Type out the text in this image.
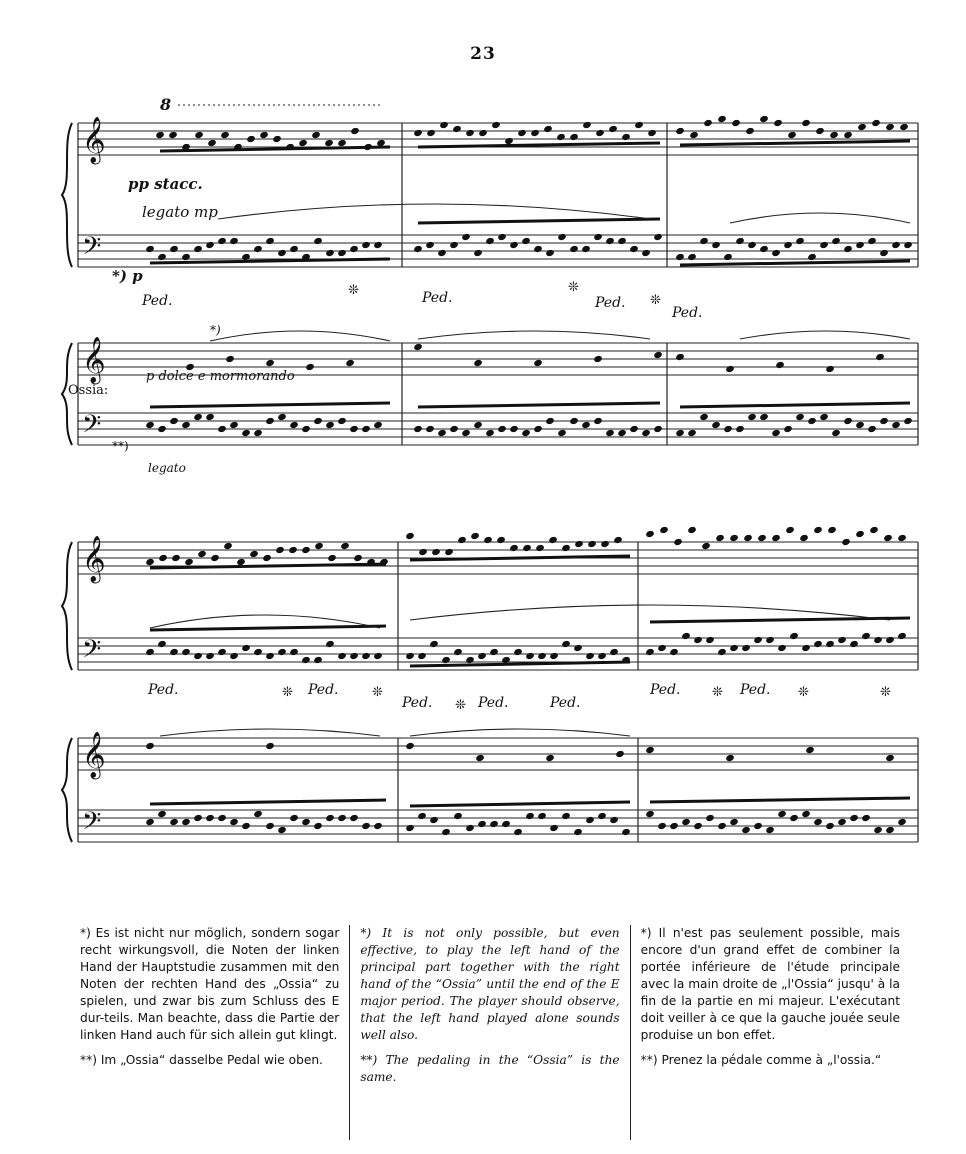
23
𝄞
𝄢
𝄞
𝄢
8
pp stacc.
legato mp
*) p
Ped.	Ped.	Ped.
Ped.
❊	❊
❊
*)
p dolce e mormorando
Ossia:
**)
legato
𝄞
𝄢
𝄞
𝄢
Ped.	Ped.
Ped.	Ped.	Ped.
Ped.	Ped.
❊	❊
❊
❊	❊	❊

*) Es ist nicht nur möglich, sondern sogar recht wirkungsvoll, die Noten der linken Hand der Hauptstudie zusammen mit den Noten der rechten Hand des „Ossia“ zu spielen, und zwar bis zum Schluss des E dur-teils. Man beachte, dass die Partie der linken Hand auch für sich allein gut klingt.

**) Im „Ossia“ dasselbe Pedal wie oben.

*) It is not only possible, but even effective, to play the left hand of the principal part together with the right hand of the “Ossia” until the end of the E major period. The player should observe, that the left hand played alone sounds well also.

**) The pedaling in the “Ossia” is the same.

*) Il n'est pas seulement possible, mais encore d'un grand effet de combiner la portée inférieure de l'étude principale avec la main droite de „l'Ossia“ jusqu' à la fin de la partie en mi majeur. L'exécutant doit veiller à ce que la gauche jouée seule produise un bon effet.

**) Prenez la pédale comme à „l'ossia.“
